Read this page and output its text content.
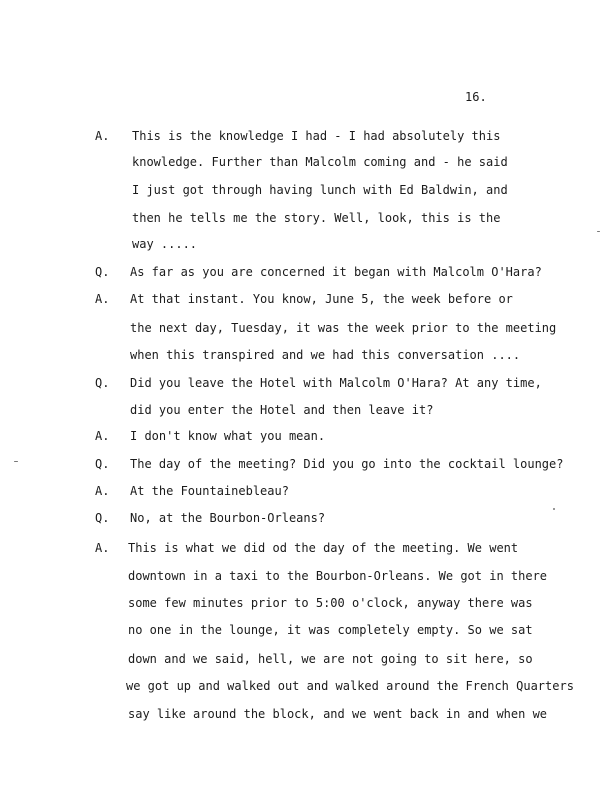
16.
A. This is the knowledge I had - I had absolutely this
knowledge. Further than Malcolm coming and - he said
I just got through having lunch with Ed Baldwin, and
then he tells me the story. Well, look, this is the
way .....
Q. As far as you are concerned it began with Malcolm O'Hara?
A. At that instant. You know, June 5, the week before or
the next day, Tuesday, it was the week prior to the meeting
when this transpired and we had this conversation ....
Q. Did you leave the Hotel with Malcolm O'Hara? At any time,
did you enter the Hotel and then leave it?
A. I don't know what you mean.
Q. The day of the meeting? Did you go into the cocktail lounge?
A. At the Fountainebleau?
Q. No, at the Bourbon-Orleans?
A. This is what we did od the day of the meeting. We went
downtown in a taxi to the Bourbon-Orleans. We got in there
some few minutes prior to 5:00 o'clock, anyway there was
no one in the lounge, it was completely empty. So we sat
down and we said, hell, we are not going to sit here, so
we got up and walked out and walked around the French Quarters
say like around the block, and we went back in and when we
